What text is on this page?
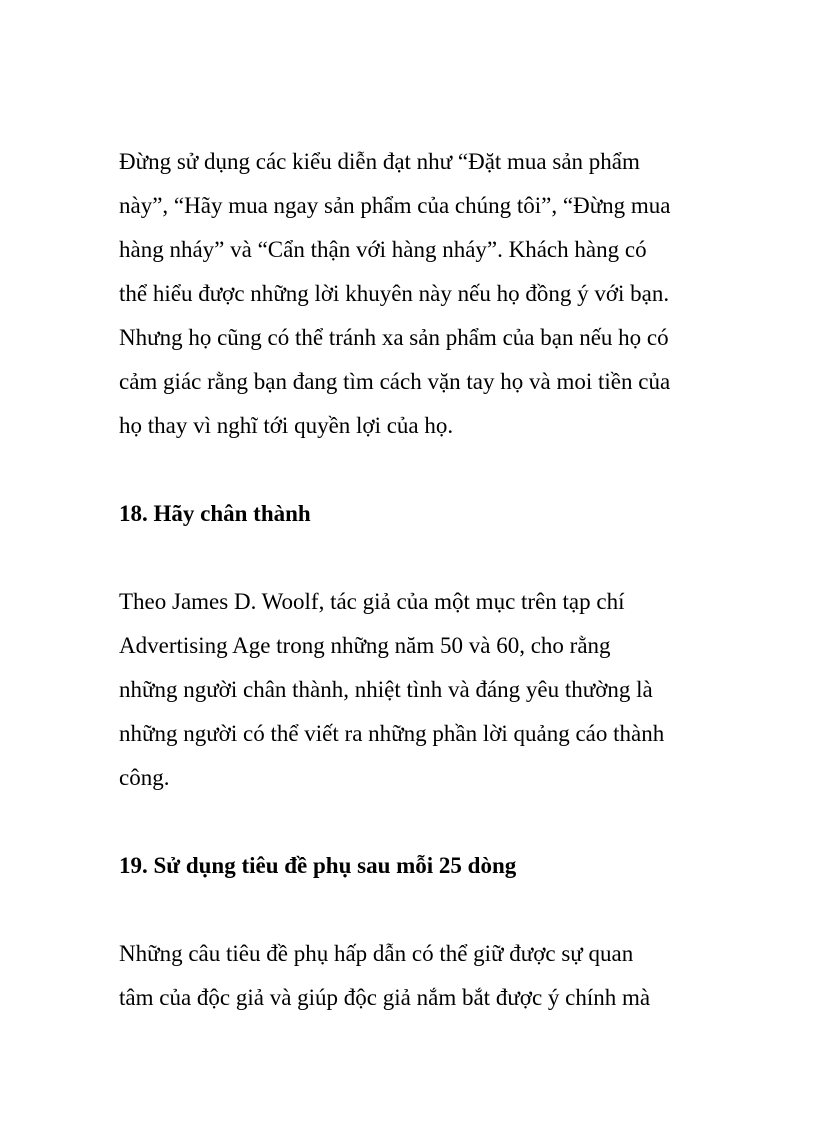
Đừng sử dụng các kiểu diễn đạt như “Đặt mua sản phẩm
này”, “Hãy mua ngay sản phẩm của chúng tôi”, “Đừng mua
hàng nháy” và “Cẩn thận với hàng nháy”. Khách hàng có
thể hiểu được những lời khuyên này nếu họ đồng ý với bạn.
Nhưng họ cũng có thể tránh xa sản phẩm của bạn nếu họ có
cảm giác rằng bạn đang tìm cách vặn tay họ và moi tiền của
họ thay vì nghĩ tới quyền lợi của họ.
18. Hãy chân thành
Theo James D. Woolf, tác giả của một mục trên tạp chí
Advertising Age trong những năm 50 và 60, cho rằng
những người chân thành, nhiệt tình và đáng yêu thường là
những người có thể viết ra những phần lời quảng cáo thành
công.
19. Sử dụng tiêu đề phụ sau mỗi 25 dòng
Những câu tiêu đề phụ hấp dẫn có thể giữ được sự quan
tâm của độc giả và giúp độc giả nắm bắt được ý chính mà
